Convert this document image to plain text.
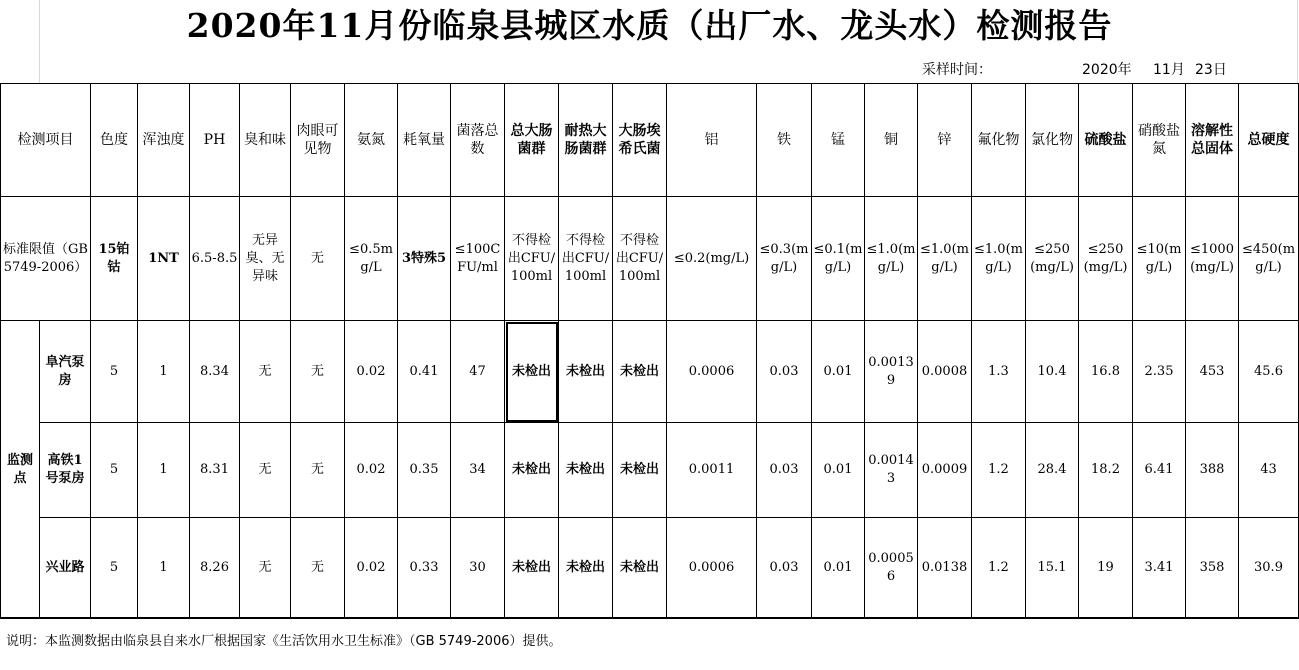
2020年11月份临泉县城区水质（出厂水、龙头水）检测报告
采样时间：	2020年 11月 23日
检测项目		色度	浑浊度	PH	臭和味	肉眼可见物	氨氮	耗氧量	菌落总数	总大肠菌群	耐热大肠菌群	大肠埃希氏菌	铝	铁	锰	铜	锌	氟化物	氯化物	硫酸盐	硝酸盐氮	溶解性总固体	总硬度
标准限值（GB5749-2006）		15铂钴	1NT	6.5-8.5	无异臭、无异味	无	≤0.5mg/L	3特殊5	≤100CFU/ml	不得检出CFU/100ml	不得检出CFU/100ml	不得检出CFU/100ml	≤0.2(mg/L)	≤0.3(mg/L)	≤0.1(mg/L)	≤1.0(mg/L)	≤1.0(mg/L)	≤1.0(mg/L)	≤250(mg/L)	≤250(mg/L)	≤10(mg/L)	≤1000(mg/L)	≤450(mg/L)
监测点	阜汽泵房	5	1	8.34	无	无	0.02	0.41	47	未检出	未检出	未检出	0.0006	0.03	0.01	0.00139	0.0008	1.3	10.4	16.8	2.35	453	45.6
	高铁1号泵房	5	1	8.31	无	无	0.02	0.35	34	未检出	未检出	未检出	0.0011	0.03	0.01	0.00143	0.0009	1.2	28.4	18.2	6.41	388	43
	兴业路	5	1	8.26	无	无	0.02	0.33	30	未检出	未检出	未检出	0.0006	0.03	0.01	0.00056	0.0138	1.2	15.1	19	3.41	358	30.9
说明：本监测数据由临泉县自来水厂根据国家《生活饮用水卫生标准》（GB 5749-2006）提供。
